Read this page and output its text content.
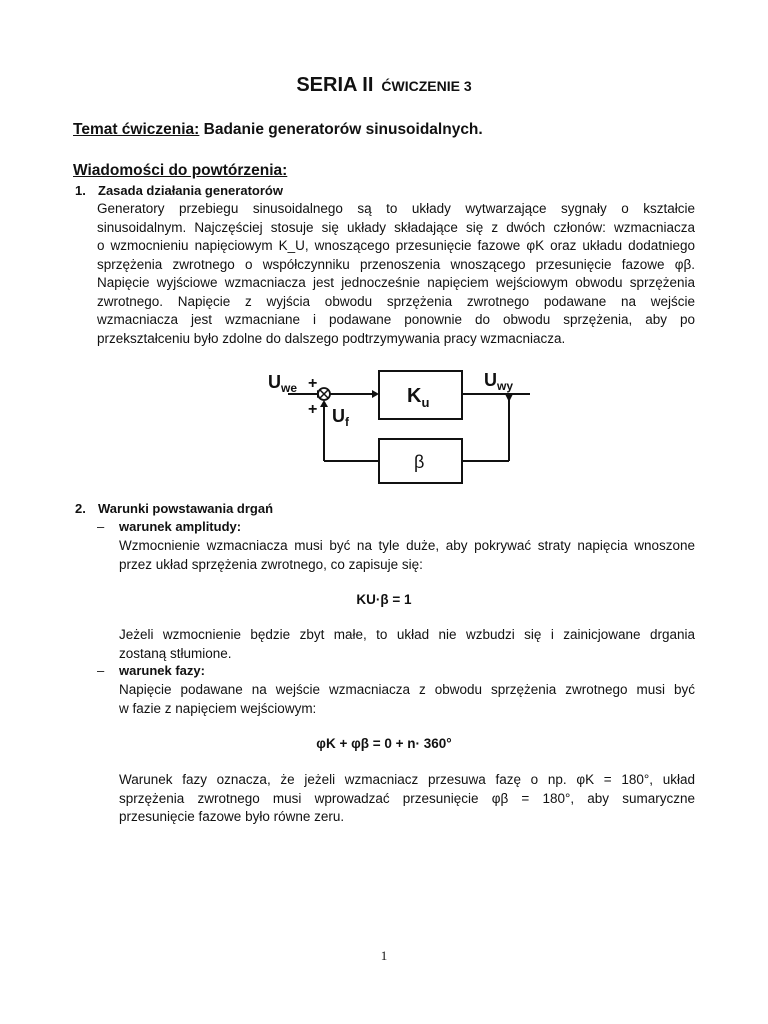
SERIA II ĆWICZENIE 3
Temat ćwiczenia: Badanie generatorów sinusoidalnych.
Wiadomości do powtórzenia:
1. Zasada działania generatorów
Generatory przebiegu sinusoidalnego są to układy wytwarzające sygnały o kształcie
sinusoidalnym. Najczęściej stosuje się układy składające się z dwóch członów: wzmacniacza
o wzmocnieniu napięciowym K_U, wnoszącego przesunięcie fazowe φK oraz układu dodatniego
sprzężenia zwrotnego o współczynniku przenoszenia wnoszącego przesunięcie fazowe φβ.
Napięcie wyjściowe wzmacniacza jest jednocześnie napięciem wejściowym obwodu sprzężenia
zwrotnego. Napięcie z wyjścia obwodu sprzężenia zwrotnego podawane na wejście
wzmacniacza jest wzmacniane i podawane ponownie do obwodu sprzężenia, aby po
przekształceniu było zdolne do dalszego podtrzymywania pracy wzmacniacza.
$U_{we}$ +
+ $U_f$
$K_u$
$U_{wy}$
β
2. Warunki powstawania drgań
– warunek amplitudy:
Wzmocnienie wzmacniacza musi być na tyle duże, aby pokrywać straty napięcia wnoszone
przez układ sprzężenia zwrotnego, co zapisuje się:
KU·β = 1
Jeżeli wzmocnienie będzie zbyt małe, to układ nie wzbudzi się i zainicjowane drgania
zostaną stłumione.
– warunek fazy:
Napięcie podawane na wejście wzmacniacza z obwodu sprzężenia zwrotnego musi być
w fazie z napięciem wejściowym:
φK + φβ = 0 + n· 360°
Warunek fazy oznacza, że jeżeli wzmacniacz przesuwa fazę o np. φK = 180°, układ
sprzężenia zwrotnego musi wprowadzać przesunięcie φβ = 180°, aby sumaryczne
przesunięcie fazowe było równe zeru.
1
